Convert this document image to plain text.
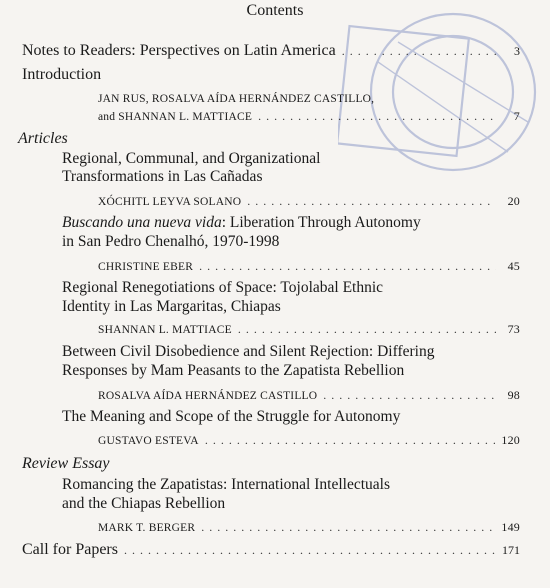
Contents
Notes to Readers: Perspectives on Latin America . . .	3
Introduction
JAN RUS, ROSALVA AÍDA HERNÁNDEZ CASTILLO,
and SHANNAN L. MATTIACE . . .	7
Articles
Regional, Communal, and Organizational
Transformations in Las Cañadas
XÓCHITL LEYVA SOLANO . . .	20
Buscando una nueva vida: Liberation Through Autonomy
in San Pedro Chenalhó, 1970-1998
CHRISTINE EBER . . .	45
Regional Renegotiations of Space: Tojolabal Ethnic
Identity in Las Margaritas, Chiapas
SHANNAN L. MATTIACE . . .	73
Between Civil Disobedience and Silent Rejection: Differing
Responses by Mam Peasants to the Zapatista Rebellion
ROSALVA AÍDA HERNÁNDEZ CASTILLO . . .	98
The Meaning and Scope of the Struggle for Autonomy
GUSTAVO ESTEVA . . .	120
Review Essay
Romancing the Zapatistas: International Intellectuals
and the Chiapas Rebellion
MARK T. BERGER . . .	149
Call for Papers . . .	171
